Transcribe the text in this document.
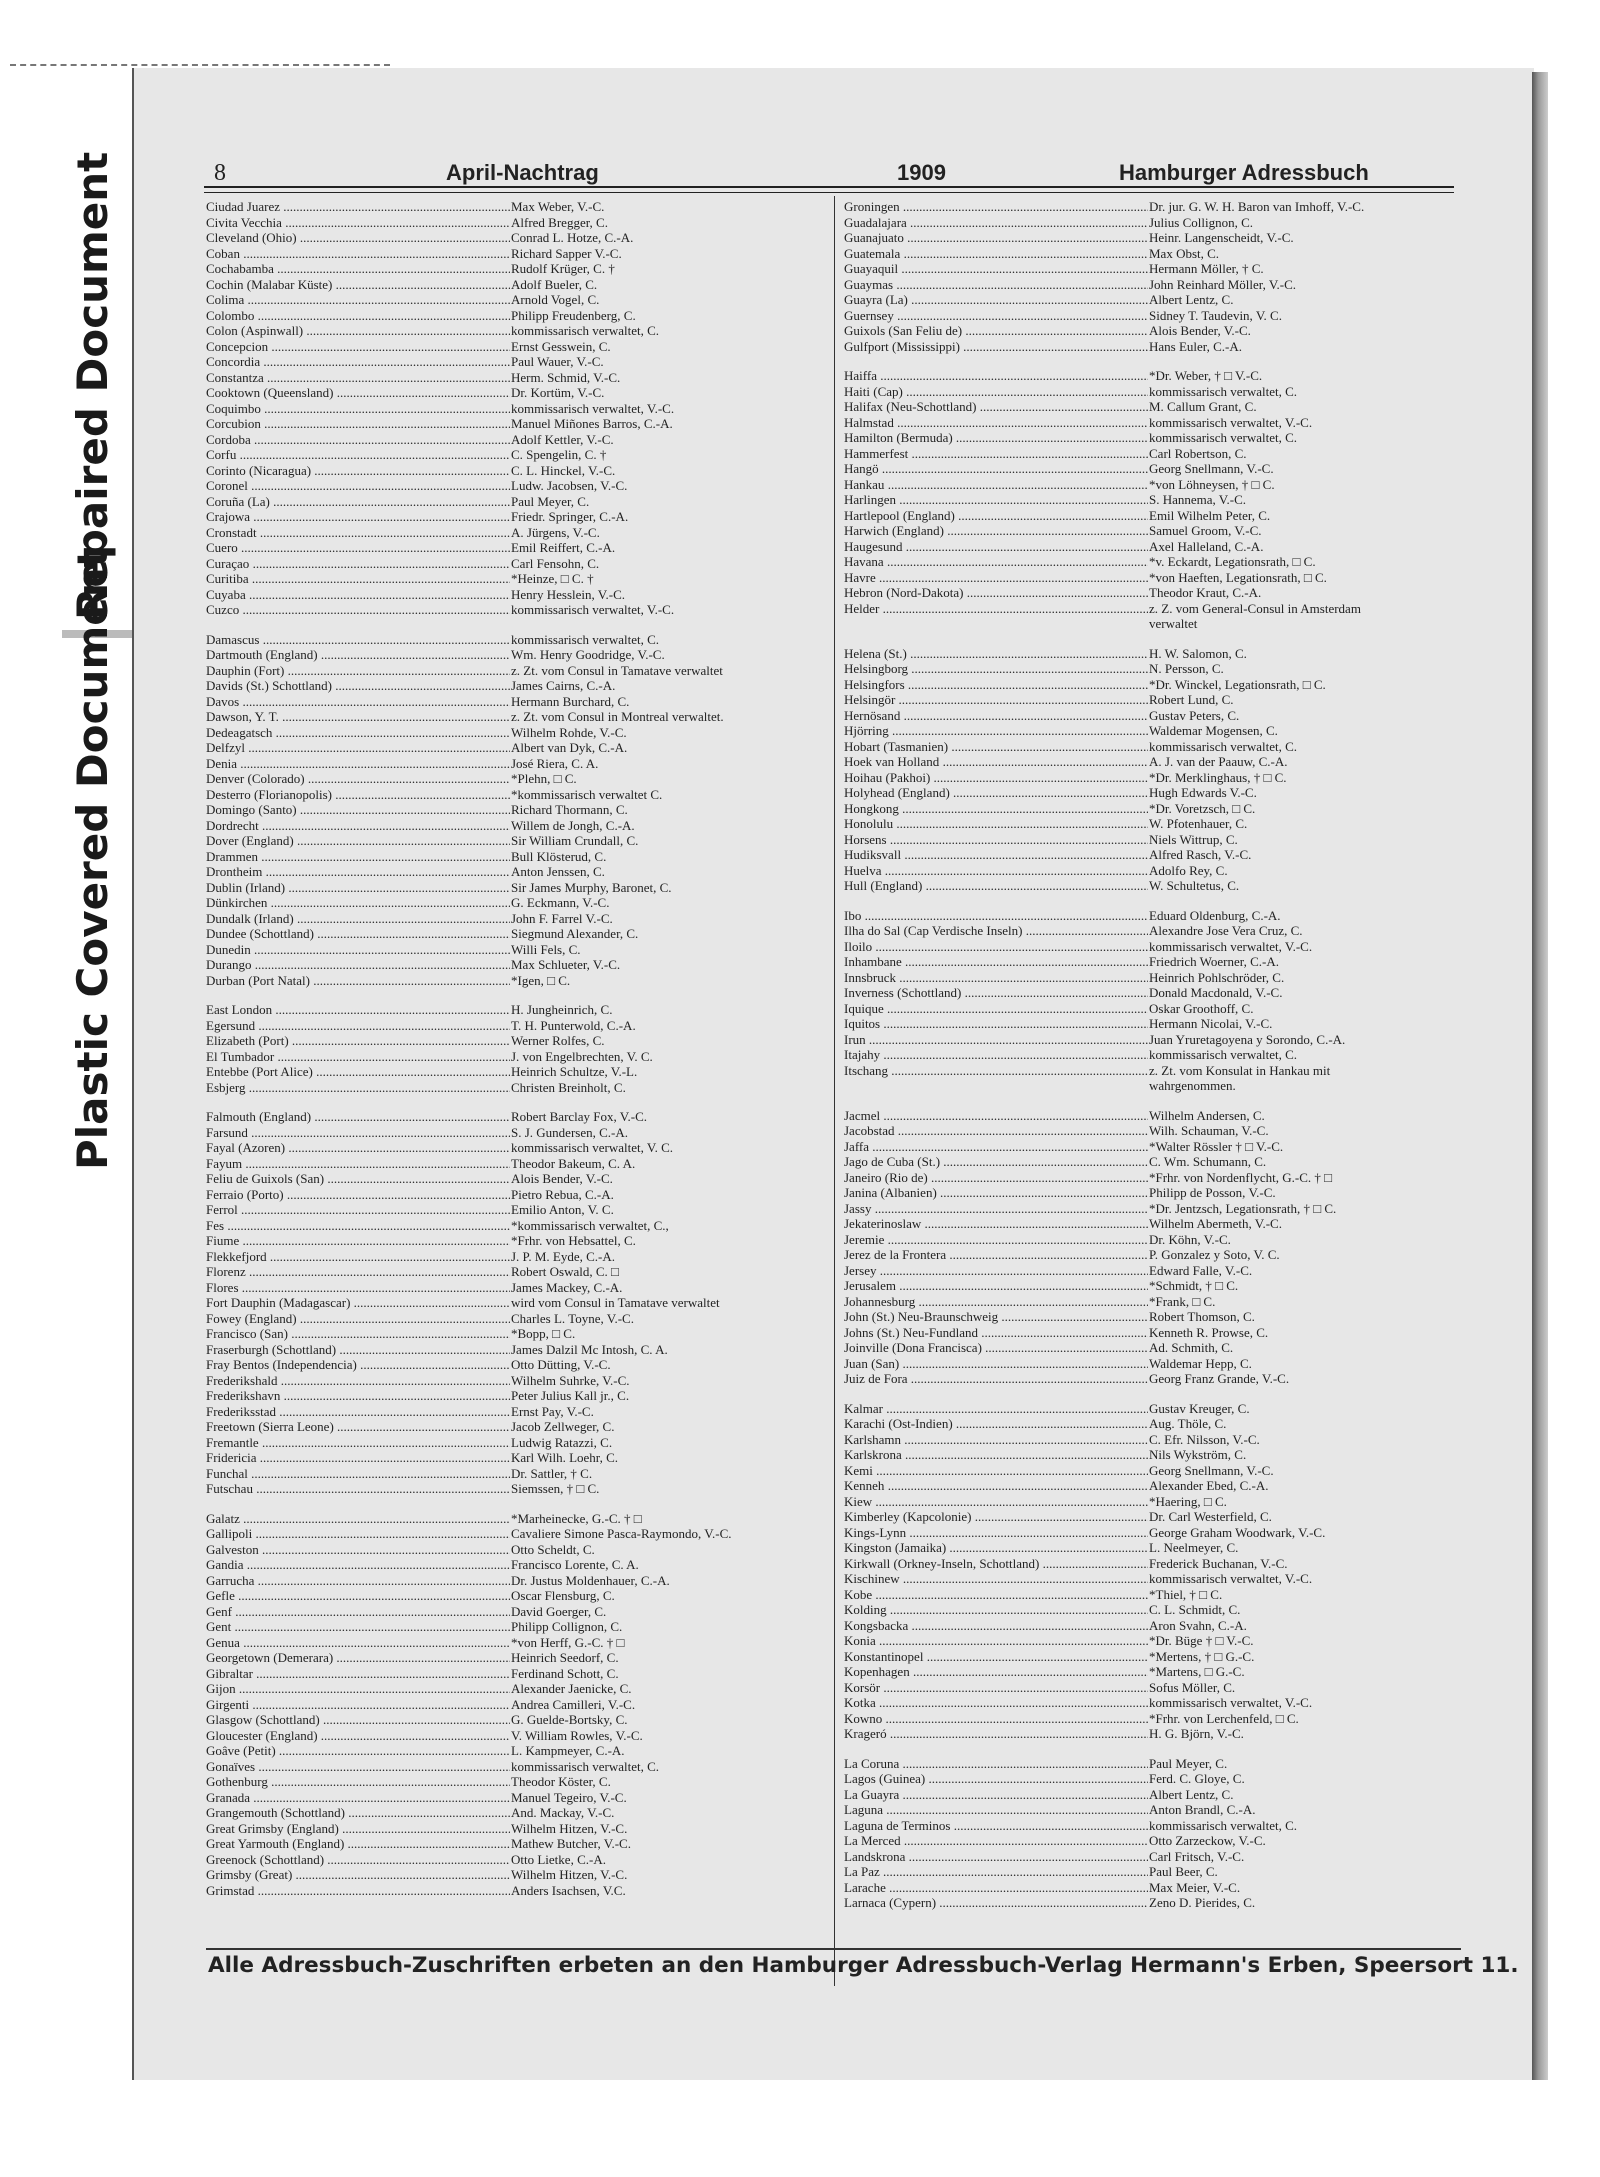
Repaired Document
Plastic Covered Document
8	April-Nachtrag	1909	Hamburger Adressbuch
Ciudad Juarez .....	Max Weber, V.-C.
Civita Vecchia .....	Alfred Bregger, C.
Cleveland (Ohio) .....	Conrad L. Hotze, C.-A.
Coban .....	Richard Sapper V.-C.
Cochabamba .....	Rudolf Krüger, C. †
Cochin (Malabar Küste) .....	Adolf Bueler, C.
Colima .....	Arnold Vogel, C.
Colombo .....	Philipp Freudenberg, C.
Colon (Aspinwall) .....	kommissarisch verwaltet, C.
Concepcion .....	Ernst Gesswein, C.
Concordia .....	Paul Wauer, V.-C.
Constantza .....	Herm. Schmid, V.-C.
Cooktown (Queensland) .....	Dr. Kortüm, V.-C.
Coquimbo .....	kommissarisch verwaltet, V.-C.
Corcubion .....	Manuel Miñones Barros, C.-A.
Cordoba .....	Adolf Kettler, V.-C.
Corfu .....	C. Spengelin, C. †
Corinto (Nicaragua) .....	C. L. Hinckel, V.-C.
Coronel .....	Ludw. Jacobsen, V.-C.
Coruña (La) .....	Paul Meyer, C.
Crajowa .....	Friedr. Springer, C.-A.
Cronstadt .....	A. Jürgens, V.-C.
Cuero .....	Emil Reiffert, C.-A.
Curaçao .....	Carl Fensohn, C.
Curitiba .....	*Heinze, □ C. †
Cuyaba .....	Henry Hesslein, V.-C.
Cuzco .....	kommissarisch verwaltet, V.-C.
Damascus .....	kommissarisch verwaltet, C.
Dartmouth (England) .....	Wm. Henry Goodridge, V.-C.
Dauphin (Fort) .....	z. Zt. vom Consul in Tamatave verwaltet
Davids (St.) Schottland) .....	James Cairns, C.-A.
Davos .....	Hermann Burchard, C.
Dawson, Y. T. .....	z. Zt. vom Consul in Montreal verwaltet.
Dedeagatsch .....	Wilhelm Rohde, V.-C.
Delfzyl .....	Albert van Dyk, C.-A.
Denia .....	José Riera, C. A.
Denver (Colorado) .....	*Plehn, □ C.
Desterro (Florianopolis) .....	*kommissarisch verwaltet C.
Domingo (Santo) .....	Richard Thormann, C.
Dordrecht .....	Willem de Jongh, C.-A.
Dover (England) .....	Sir William Crundall, C.
Drammen .....	Bull Klösterud, C.
Drontheim .....	Anton Jenssen, C.
Dublin (Irland) .....	Sir James Murphy, Baronet, C.
Dünkirchen .....	G. Eckmann, V.-C.
Dundalk (Irland) .....	John F. Farrel V.-C.
Dundee (Schottland) .....	Siegmund Alexander, C.
Dunedin .....	Willi Fels, C.
Durango .....	Max Schlueter, V.-C.
Durban (Port Natal) .....	*Igen, □ C.
East London .....	H. Jungheinrich, C.
Egersund .....	T. H. Punterwold, C.-A.
Elizabeth (Port) .....	Werner Rolfes, C.
El Tumbador .....	J. von Engelbrechten, V. C.
Entebbe (Port Alice) .....	Heinrich Schultze, V.-L.
Esbjerg .....	Christen Breinholt, C.
Falmouth (England) .....	Robert Barclay Fox, V.-C.
Farsund .....	S. J. Gundersen, C.-A.
Fayal (Azoren) .....	kommissarisch verwaltet, V. C.
Fayum .....	Theodor Bakeum, C. A.
Feliu de Guixols (San) .....	Alois Bender, V.-C.
Ferraio (Porto) .....	Pietro Rebua, C.-A.
Ferrol .....	Emilio Anton, V. C.
Fes .....	*kommissarisch verwaltet, C.,
Fiume .....	*Frhr. von Hebsattel, C.
Flekkefjord .....	J. P. M. Eyde, C.-A.
Florenz .....	Robert Oswald, C. □
Flores .....	James Mackey, C.-A.
Fort Dauphin (Madagascar) .....	wird vom Consul in Tamatave verwaltet
Fowey (England) .....	Charles L. Toyne, V.-C.
Francisco (San) .....	*Bopp, □ C.
Fraserburgh (Schottland) .....	James Dalzil Mc Intosh, C. A.
Fray Bentos (Independencia) .....	Otto Dütting, V.-C.
Frederikshald .....	Wilhelm Suhrke, V.-C.
Frederikshavn .....	Peter Julius Kall jr., C.
Frederiksstad .....	Ernst Pay, V.-C.
Freetown (Sierra Leone) .....	Jacob Zellweger, C.
Fremantle .....	Ludwig Ratazzi, C.
Fridericia .....	Karl Wilh. Loehr, C.
Funchal .....	Dr. Sattler, † C.
Futschau .....	Siemssen, † □ C.
Galatz .....	*Marheinecke, G.-C. † □
Gallipoli .....	Cavaliere Simone Pasca-Raymondo, V.-C.
Galveston .....	Otto Scheldt, C.
Gandia .....	Francisco Lorente, C. A.
Garrucha .....	Dr. Justus Moldenhauer, C.-A.
Gefle .....	Oscar Flensburg, C.
Genf .....	David Goerger, C.
Gent .....	Philipp Collignon, C.
Genua .....	*von Herff, G.-C. † □
Georgetown (Demerara) .....	Heinrich Seedorf, C.
Gibraltar .....	Ferdinand Schott, C.
Gijon .....	Alexander Jaenicke, C.
Girgenti .....	Andrea Camilleri, V.-C.
Glasgow (Schottland) .....	G. Guelde-Bortsky, C.
Gloucester (England) .....	V. William Rowles, V.-C.
Goâve (Petit) .....	L. Kampmeyer, C.-A.
Gonaïves .....	kommissarisch verwaltet, C.
Gothenburg .....	Theodor Köster, C.
Granada .....	Manuel Tegeiro, V.-C.
Grangemouth (Schottland) .....	And. Mackay, V.-C.
Great Grimsby (England) .....	Wilhelm Hitzen, V.-C.
Great Yarmouth (England) .....	Mathew Butcher, V.-C.
Greenock (Schottland) .....	Otto Lietke, C.-A.
Grimsby (Great) .....	Wilhelm Hitzen, V.-C.
Grimstad .....	Anders Isachsen, V.C.
Groningen .....	Dr. jur. G. W. H. Baron van Imhoff, V.-C.
Guadalajara .....	Julius Collignon, C.
Guanajuato .....	Heinr. Langenscheidt, V.-C.
Guatemala .....	Max Obst, C.
Guayaquil .....	Hermann Möller, † C.
Guaymas .....	John Reinhard Möller, V.-C.
Guayra (La) .....	Albert Lentz, C.
Guernsey .....	Sidney T. Taudevin, V. C.
Guixols (San Feliu de) .....	Alois Bender, V.-C.
Gulfport (Mississippi) .....	Hans Euler, C.-A.
Haiffa .....	*Dr. Weber, † □ V.-C.
Haiti (Cap) .....	kommissarisch verwaltet, C.
Halifax (Neu-Schottland) .....	M. Callum Grant, C.
Halmstad .....	kommissarisch verwaltet, V.-C.
Hamilton (Bermuda) .....	kommissarisch verwaltet, C.
Hammerfest .....	Carl Robertson, C.
Hangö .....	Georg Snellmann, V.-C.
Hankau .....	*von Löhneysen, † □ C.
Harlingen .....	S. Hannema, V.-C.
Hartlepool (England) .....	Emil Wilhelm Peter, C.
Harwich (England) .....	Samuel Groom, V.-C.
Haugesund .....	Axel Halleland, C.-A.
Havana .....	*v. Eckardt, Legationsrath, □ C.
Havre .....	*von Haeften, Legationsrath, □ C.
Hebron (Nord-Dakota) .....	Theodor Kraut, C.-A.
Helder .....	z. Z. vom General-Consul in Amsterdam
verwaltet
Helena (St.) .....	H. W. Salomon, C.
Helsingborg .....	N. Persson, C.
Helsingfors .....	*Dr. Winckel, Legationsrath, □ C.
Helsingör .....	Robert Lund, C.
Hernösand .....	Gustav Peters, C.
Hjörring .....	Waldemar Mogensen, C.
Hobart (Tasmanien) .....	kommissarisch verwaltet, C.
Hoek van Holland .....	A. J. van der Paauw, C.-A.
Hoihau (Pakhoi) .....	*Dr. Merklinghaus, † □ C.
Holyhead (England) .....	Hugh Edwards V.-C.
Hongkong .....	*Dr. Voretzsch, □ C.
Honolulu .....	W. Pfotenhauer, C.
Horsens .....	Niels Wittrup, C.
Hudiksvall .....	Alfred Rasch, V.-C.
Huelva .....	Adolfo Rey, C.
Hull (England) .....	W. Schultetus, C.
Ibo .....	Eduard Oldenburg, C.-A.
Ilha do Sal (Cap Verdische Inseln) .....	Alexandre Jose Vera Cruz, C.
Iloilo .....	kommissarisch verwaltet, V.-C.
Inhambane .....	Friedrich Woerner, C.-A.
Innsbruck .....	Heinrich Pohlschröder, C.
Inverness (Schottland) .....	Donald Macdonald, V.-C.
Iquique .....	Oskar Groothoff, C.
Iquitos .....	Hermann Nicolai, V.-C.
Irun .....	Juan Yruretagoyena y Sorondo, C.-A.
Itajahy .....	kommissarisch verwaltet, C.
Itschang .....	z. Zt. vom Konsulat in Hankau mit
wahrgenommen.
Jacmel .....	Wilhelm Andersen, C.
Jacobstad .....	Wilh. Schauman, V.-C.
Jaffa .....	*Walter Rössler † □ V.-C.
Jago de Cuba (St.) .....	C. Wm. Schumann, C.
Janeiro (Rio de) .....	*Frhr. von Nordenflycht, G.-C. † □
Janina (Albanien) .....	Philipp de Posson, V.-C.
Jassy .....	*Dr. Jentzsch, Legationsrath, † □ C.
Jekaterinoslaw .....	Wilhelm Abermeth, V.-C.
Jeremie .....	Dr. Köhn, V.-C.
Jerez de la Frontera .....	P. Gonzalez y Soto, V. C.
Jersey .....	Edward Falle, V.-C.
Jerusalem .....	*Schmidt, † □ C.
Johannesburg .....	*Frank, □ C.
John (St.) Neu-Braunschweig .....	Robert Thomson, C.
Johns (St.) Neu-Fundland .....	Kenneth R. Prowse, C.
Joinville (Dona Francisca) .....	Ad. Schmith, C.
Juan (San) .....	Waldemar Hepp, C.
Juiz de Fora .....	Georg Franz Grande, V.-C.
Kalmar .....	Gustav Kreuger, C.
Karachi (Ost-Indien) .....	Aug. Thöle, C.
Karlshamn .....	C. Efr. Nilsson, V.-C.
Karlskrona .....	Nils Wykström, C.
Kemi .....	Georg Snellmann, V.-C.
Kenneh .....	Alexander Ebed, C.-A.
Kiew .....	*Haering, □ C.
Kimberley (Kapcolonie) .....	Dr. Carl Westerfield, C.
Kings-Lynn .....	George Graham Woodwark, V.-C.
Kingston (Jamaika) .....	L. Neelmeyer, C.
Kirkwall (Orkney-Inseln, Schottland) .....	Frederick Buchanan, V.-C.
Kischinew .....	kommissarisch verwaltet, V.-C.
Kobe .....	*Thiel, † □ C.
Kolding .....	C. L. Schmidt, C.
Kongsbacka .....	Aron Svahn, C.-A.
Konia .....	*Dr. Büge † □ V.-C.
Konstantinopel .....	*Mertens, † □ G.-C.
Kopenhagen .....	*Martens, □ G.-C.
Korsör .....	Sofus Möller, C.
Kotka .....	kommissarisch verwaltet, V.-C.
Kowno .....	*Frhr. von Lerchenfeld, □ C.
Krageró .....	H. G. Björn, V.-C.
La Coruna .....	Paul Meyer, C.
Lagos (Guinea) .....	Ferd. C. Gloye, C.
La Guayra .....	Albert Lentz, C.
Laguna .....	Anton Brandl, C.-A.
Laguna de Terminos .....	kommissarisch verwaltet, C.
La Merced .....	Otto Zarzeckow, V.-C.
Landskrona .....	Carl Fritsch, V.-C.
La Paz .....	Paul Beer, C.
Larache .....	Max Meier, V.-C.
Larnaca (Cypern) .....	Zeno D. Pierides, C.
Alle Adressbuch-Zuschriften erbeten an den Hamburger Adressbuch-Verlag Hermann's Erben, Speersort 11.
